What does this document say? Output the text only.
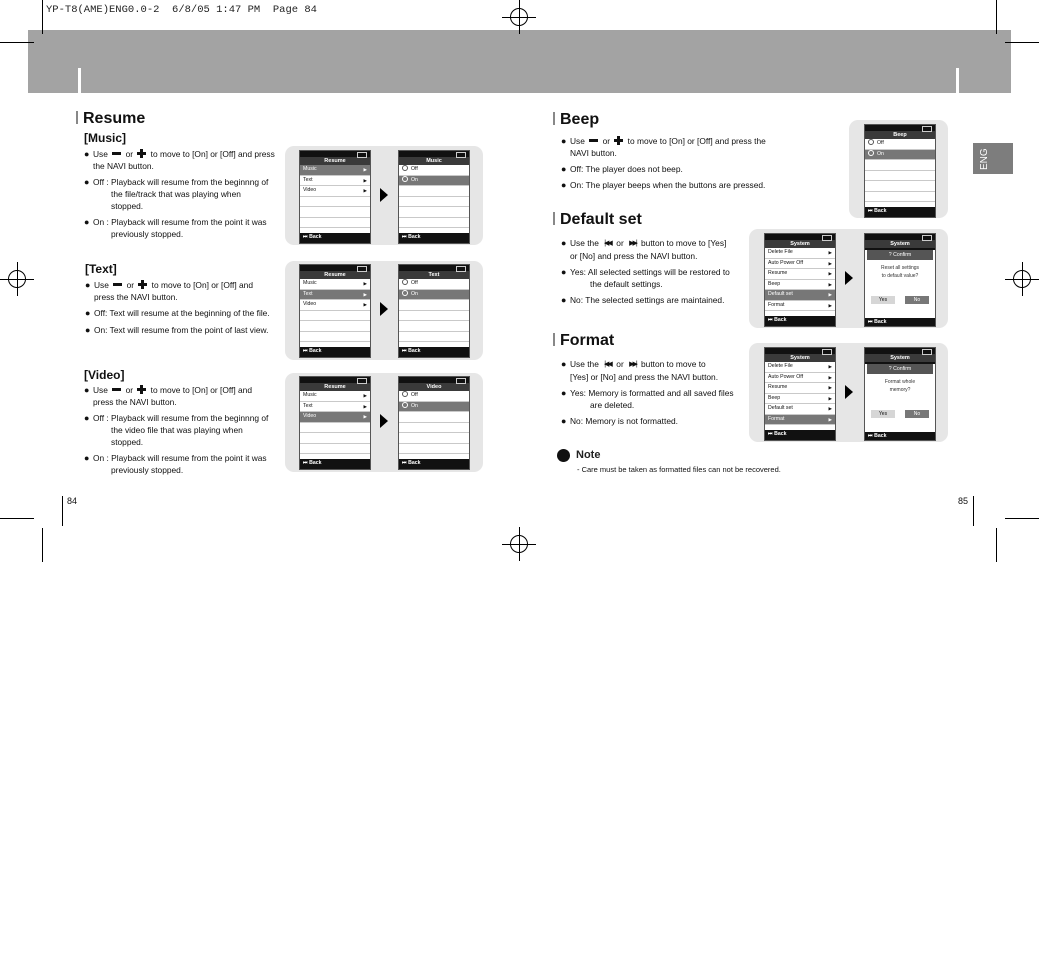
YP-T8(AME)ENG0.0-2  6/8/05 1:47 PM  Page 84
84	85
ENG
Resume
[Music]
● Use or to move to [On] or [Off] and press
the NAVI button.
● Off : Playback will resume from the beginnng of
the file/track that was playing when
stopped.
● On : Playback will resume from the point it was
previously stopped.
[Text]
● Use or to move to [On] or [Off] and
press the NAVI button.
● Off: Text will resume at the beginning of the file.
● On: Text will resume from the point of last view.
[Video]
● Use or to move to [On] or [Off] and
press the NAVI button.
● Off : Playback will resume from the beginnng of
the video file that was playing when
stopped.
● On : Playback will resume from the point it was
previously stopped.
Resume
Music	▶
Text	▶
Video	▶
⏮ Back
Music
Off
On
⏮ Back
Resume
Music	▶
Text	▶
Video	▶
⏮ Back
Text
Off
On
⏮ Back
Resume
Music	▶
Text	▶
Video	▶
⏮ Back
Video
Off
On
⏮ Back
Beep
● Use or to move to [On] or [Off] and press the
NAVI button.
● Off: The player does not beep.
● On: The player beeps when the buttons are pressed.
Beep
Off
On
⏮ Back
Default set
● Use the |◀◀ or ▶▶| button to move to [Yes]
or [No] and press the NAVI button.
● Yes: All selected settings will be restored to
the default settings.
● No: The selected settings are maintained.
System
Delete File	▶
Auto Power Off	▶
Resume	▶
Beep	▶
Default set	▶
Format	▶
⏮ Back
System
? Confirm
Reset all settings
to default value?
Yes	No
⏮ Back
Format
● Use the |◀◀ or ▶▶| button to move to
[Yes] or [No] and press the NAVI button.
● Yes: Memory is formatted and all saved files
are deleted.
● No: Memory is not formatted.
System
Delete File	▶
Auto Power Off	▶
Resume	▶
Beep	▶
Default set	▶
Format	▶
⏮ Back
System
? Confirm
Format whole
memory?
Yes	No
⏮ Back
Note
- Care must be taken as formatted files can not be recovered.
